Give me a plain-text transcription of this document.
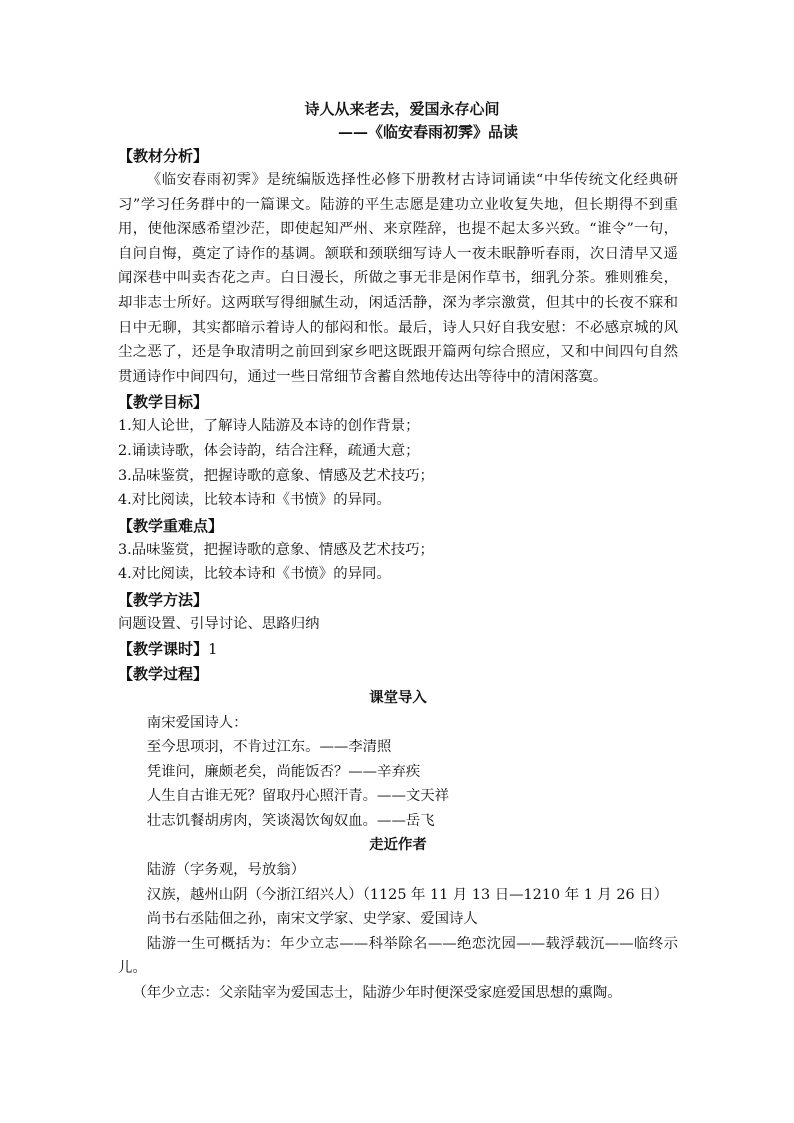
诗人从来老去，爱国永存心间
——《临安春雨初霁》品读
【教材分析】
《临安春雨初霁》是统编版选择性必修下册教材古诗词诵读“中华传统文化经典研习”学习任务群中的一篇课文。陆游的平生志愿是建功立业收复失地，但长期得不到重用，使他深感希望沙茫，即使起知严州、来京陛辞，也提不起太多兴致。“谁令”一句，自问自悔，奠定了诗作的基调。颔联和颈联细写诗人一夜未眠静听春雨，次日清早又遥闻深巷中叫卖杏花之声。白日漫长，所做之事无非是闲作草书，细乳分茶。雅则雅矣，却非志士所好。这两联写得细腻生动，闲适活静，深为孝宗激赏，但其中的长夜不寐和日中无聊，其实都暗示着诗人的郁闷和怅。最后，诗人只好自我安慰：不必感京城的风尘之恶了，还是争取清明之前回到家乡吧这既跟开篇两句综合照应，又和中间四句自然贯通诗作中间四句，通过一些日常细节含蓄自然地传达出等待中的清闲落寞。
【教学目标】
1.知人论世，了解诗人陆游及本诗的创作背景；
2.诵读诗歌，体会诗韵，结合注释，疏通大意；
3.品味鉴赏，把握诗歌的意象、情感及艺术技巧；
4.对比阅读，比较本诗和《书愤》的异同。
【教学重难点】
3.品味鉴赏，把握诗歌的意象、情感及艺术技巧；
4.对比阅读，比较本诗和《书愤》的异同。
【教学方法】
问题设置、引导讨论、思路归纳
【教学课时】1
【教学过程】
课堂导入
南宋爱国诗人：
至今思项羽，不肯过江东。——李清照
凭谁问，廉颇老矣，尚能饭否？——辛弃疾
人生自古谁无死？留取丹心照汗青。——文天祥
壮志饥餐胡虏肉，笑谈渴饮匈奴血。——岳飞
走近作者
陆游（字务观，号放翁）
汉族，越州山阴（今浙江绍兴人）（1125 年 11 月 13 日—1210 年 1 月 26 日）
尚书右丞陆佃之孙，南宋文学家、史学家、爱国诗人
陆游一生可概括为：年少立志——科举除名——绝恋沈园——载浮载沉——临终示儿。
（年少立志：父亲陆宰为爱国志士，陆游少年时便深受家庭爱国思想的熏陶。
